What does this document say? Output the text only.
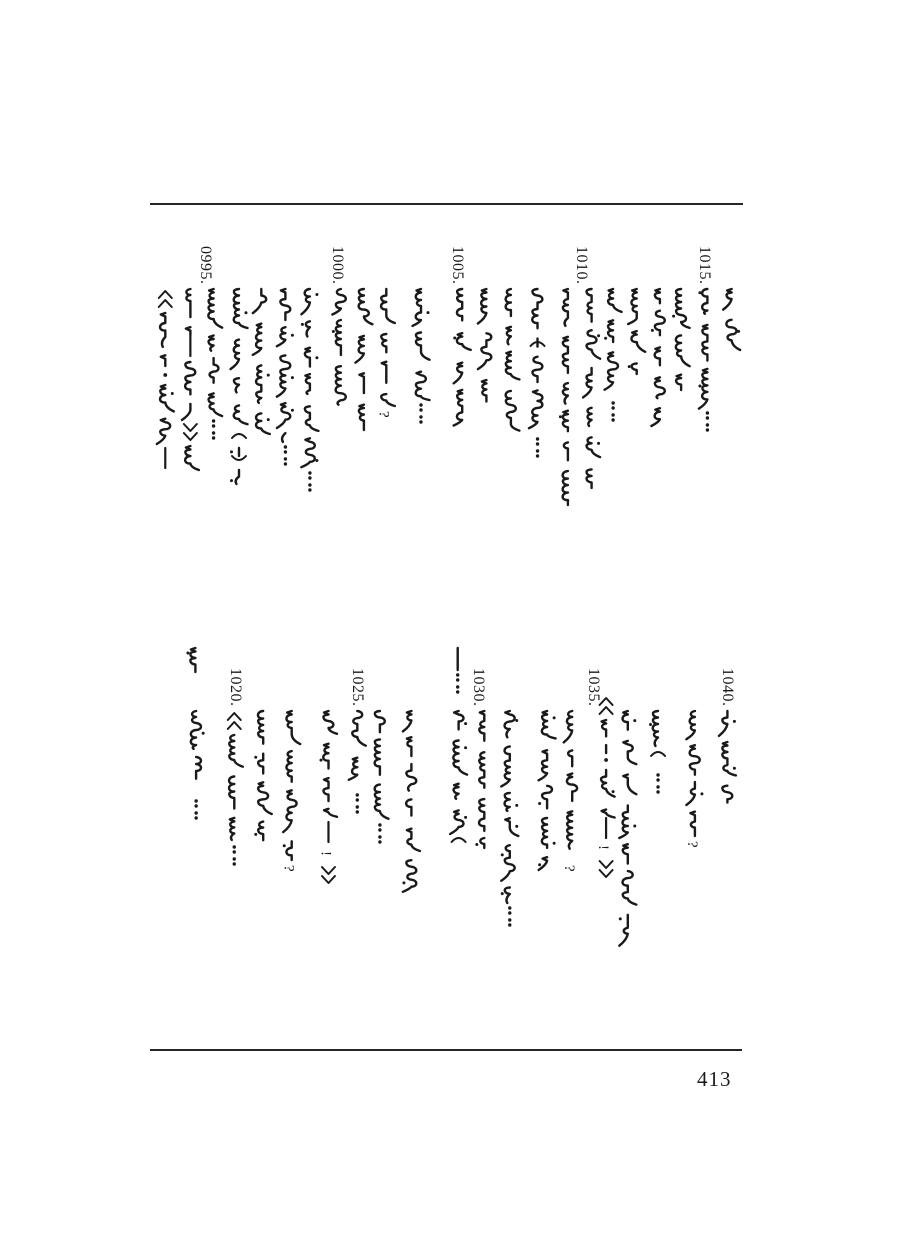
?
?
!
?
!	?
0995.	1000.	1005.	1010.	1015.
1020.	1025.	1030.	1035.	1040.
413
